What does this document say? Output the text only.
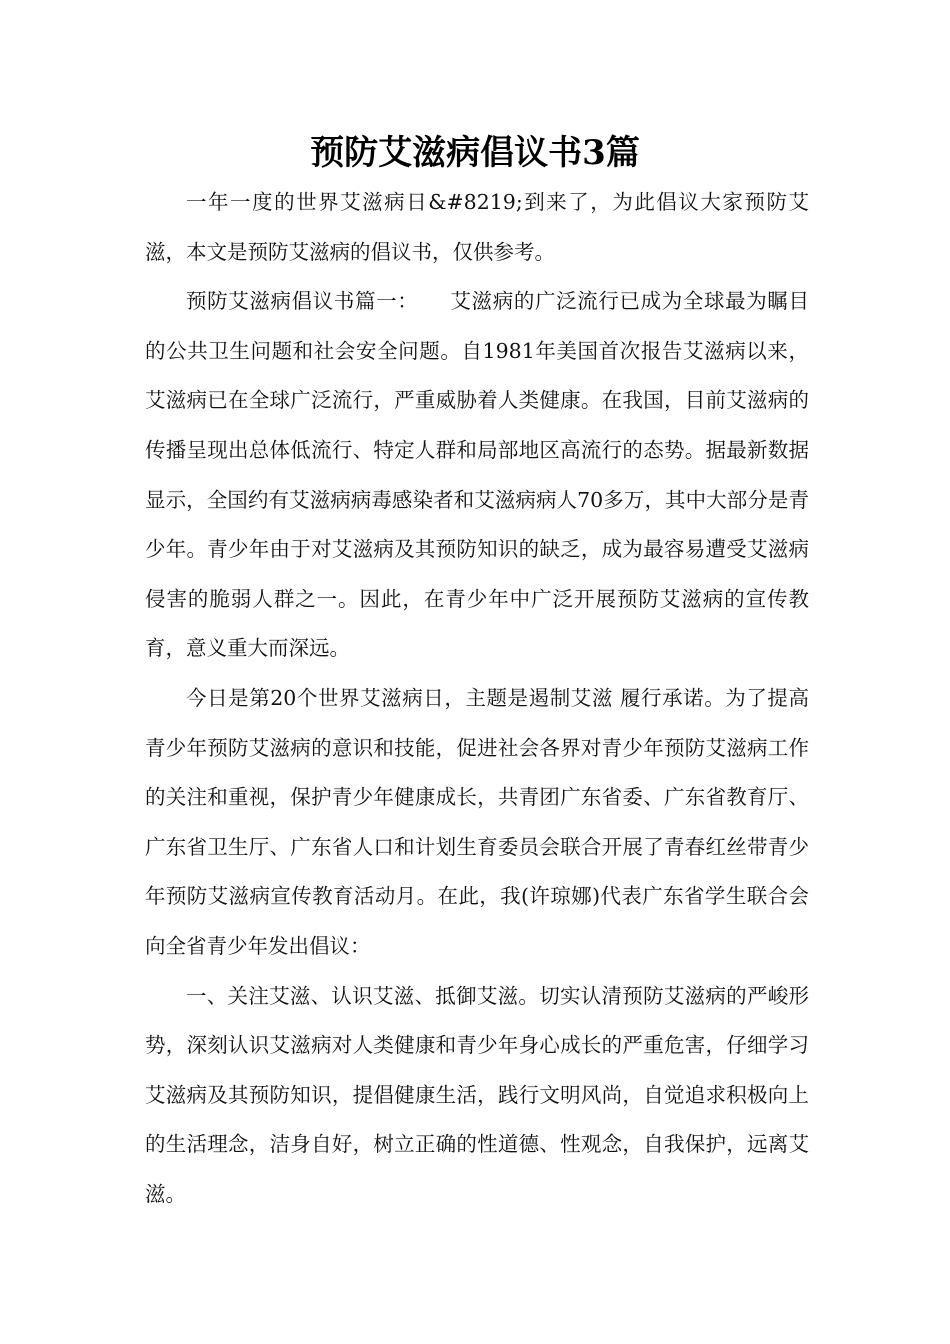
预防艾滋病倡议书3篇

一年一度的世界艾滋病日&#8219;到来了，为此倡议大家预防艾滋，本文是预防艾滋病的倡议书，仅供参考。

预防艾滋病倡议书篇一：　　艾滋病的广泛流行已成为全球最为瞩目的公共卫生问题和社会安全问题。自1981年美国首次报告艾滋病以来，艾滋病已在全球广泛流行，严重威胁着人类健康。在我国，目前艾滋病的传播呈现出总体低流行、特定人群和局部地区高流行的态势。据最新数据显示，全国约有艾滋病病毒感染者和艾滋病病人70多万，其中大部分是青少年。青少年由于对艾滋病及其预防知识的缺乏，成为最容易遭受艾滋病侵害的脆弱人群之一。因此，在青少年中广泛开展预防艾滋病的宣传教育，意义重大而深远。

今日是第20个世界艾滋病日，主题是遏制艾滋 履行承诺。为了提高青少年预防艾滋病的意识和技能，促进社会各界对青少年预防艾滋病工作的关注和重视，保护青少年健康成长，共青团广东省委、广东省教育厅、广东省卫生厅、广东省人口和计划生育委员会联合开展了青春红丝带青少年预防艾滋病宣传教育活动月。在此，我(许琼娜)代表广东省学生联合会向全省青少年发出倡议：

一、关注艾滋、认识艾滋、抵御艾滋。切实认清预防艾滋病的严峻形势，深刻认识艾滋病对人类健康和青少年身心成长的严重危害，仔细学习艾滋病及其预防知识，提倡健康生活，践行文明风尚，自觉追求积极向上的生活理念，洁身自好，树立正确的性道德、性观念，自我保护，远离艾滋。
